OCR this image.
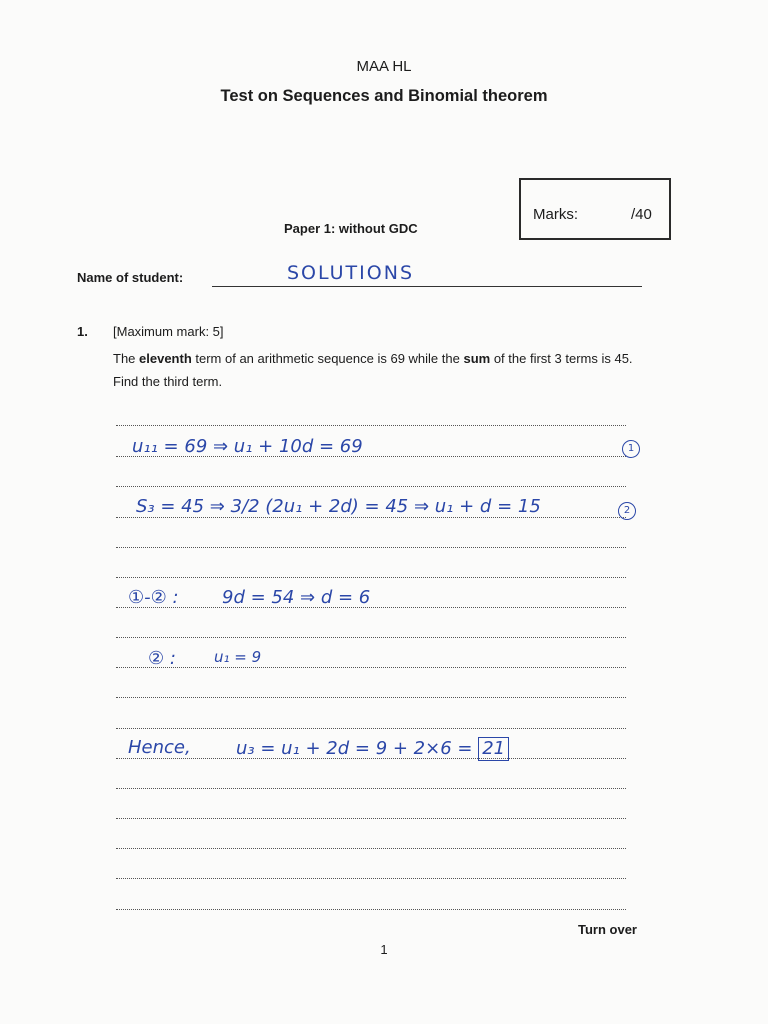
MAA HL
Test on Sequences and Binomial theorem
Marks:	/40
Paper 1: without GDC
Name of student:	SOLUTIONS
1. [Maximum mark: 5]
The eleventh term of an arithmetic sequence is 69 while the sum of the first 3 terms is 45. Find the third term.
u₁₁ = 69 ⇒ u₁ + 10d = 69	1
S₃ = 45 ⇒ 3/2 (2u₁ + 2d) = 45 ⇒ u₁ + d = 15	2
①-② : 9d = 54 ⇒ d = 6
② :	u₁ = 9
Hence,	u₃ = u₁ + 2d = 9 + 2×6 = 21
Turn over
1
